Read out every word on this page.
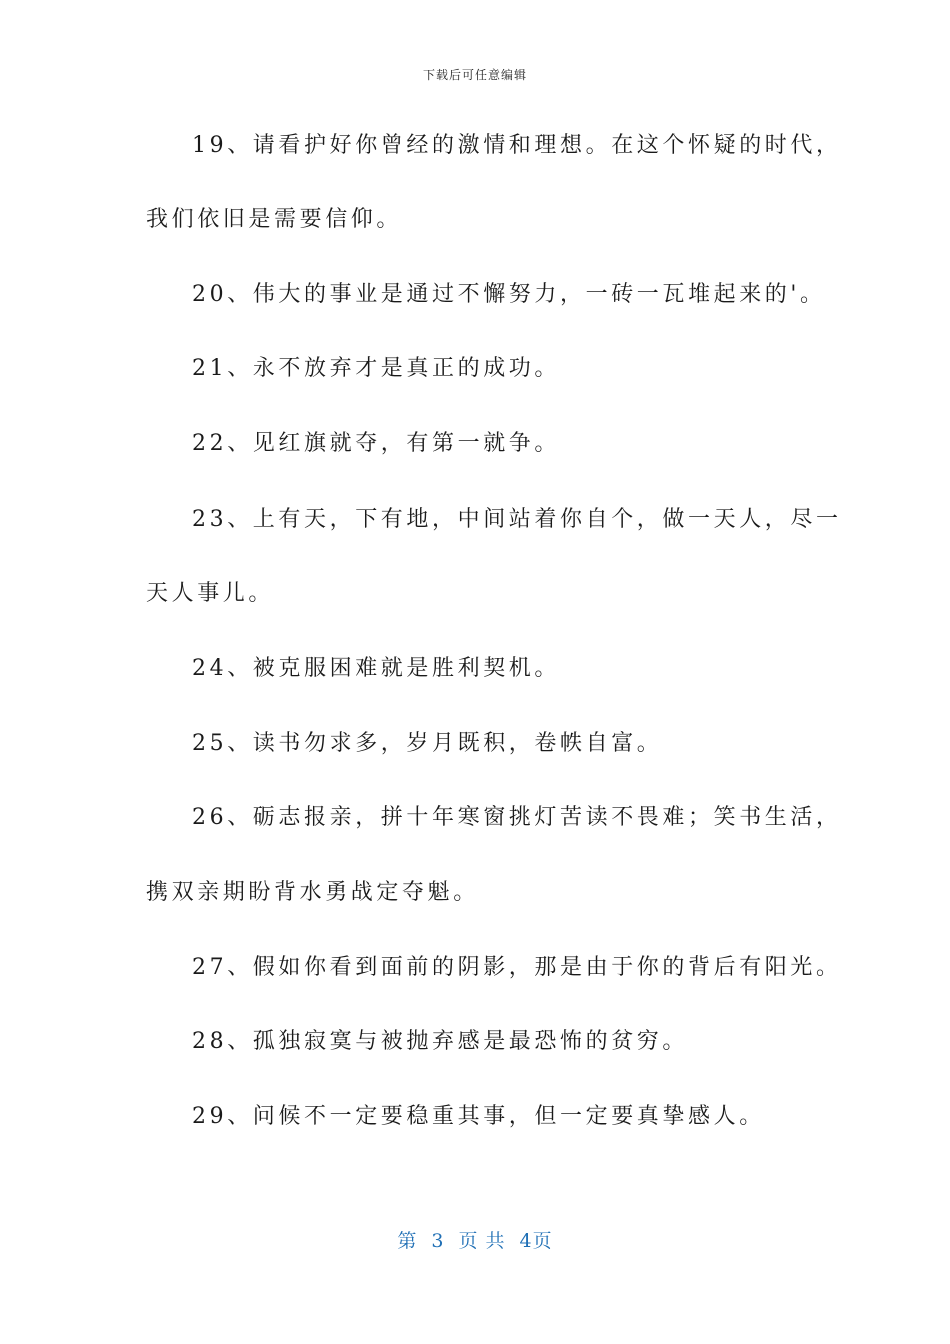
下载后可任意编辑
19、请看护好你曾经的激情和理想。在这个怀疑的时代，
我们依旧是需要信仰。
20、伟大的事业是通过不懈努力，一砖一瓦堆起来的'。
21、永不放弃才是真正的成功。
22、见红旗就夺，有第一就争。
23、上有天，下有地，中间站着你自个，做一天人，尽一
天人事儿。
24、被克服困难就是胜利契机。
25、读书勿求多，岁月既积，卷帙自富。
26、砺志报亲，拼十年寒窗挑灯苦读不畏难；笑书生活，
携双亲期盼背水勇战定夺魁。
27、假如你看到面前的阴影，那是由于你的背后有阳光。
28、孤独寂寞与被抛弃感是最恐怖的贫穷。
29、问候不一定要稳重其事，但一定要真挚感人。
第 3 页 共 4页
